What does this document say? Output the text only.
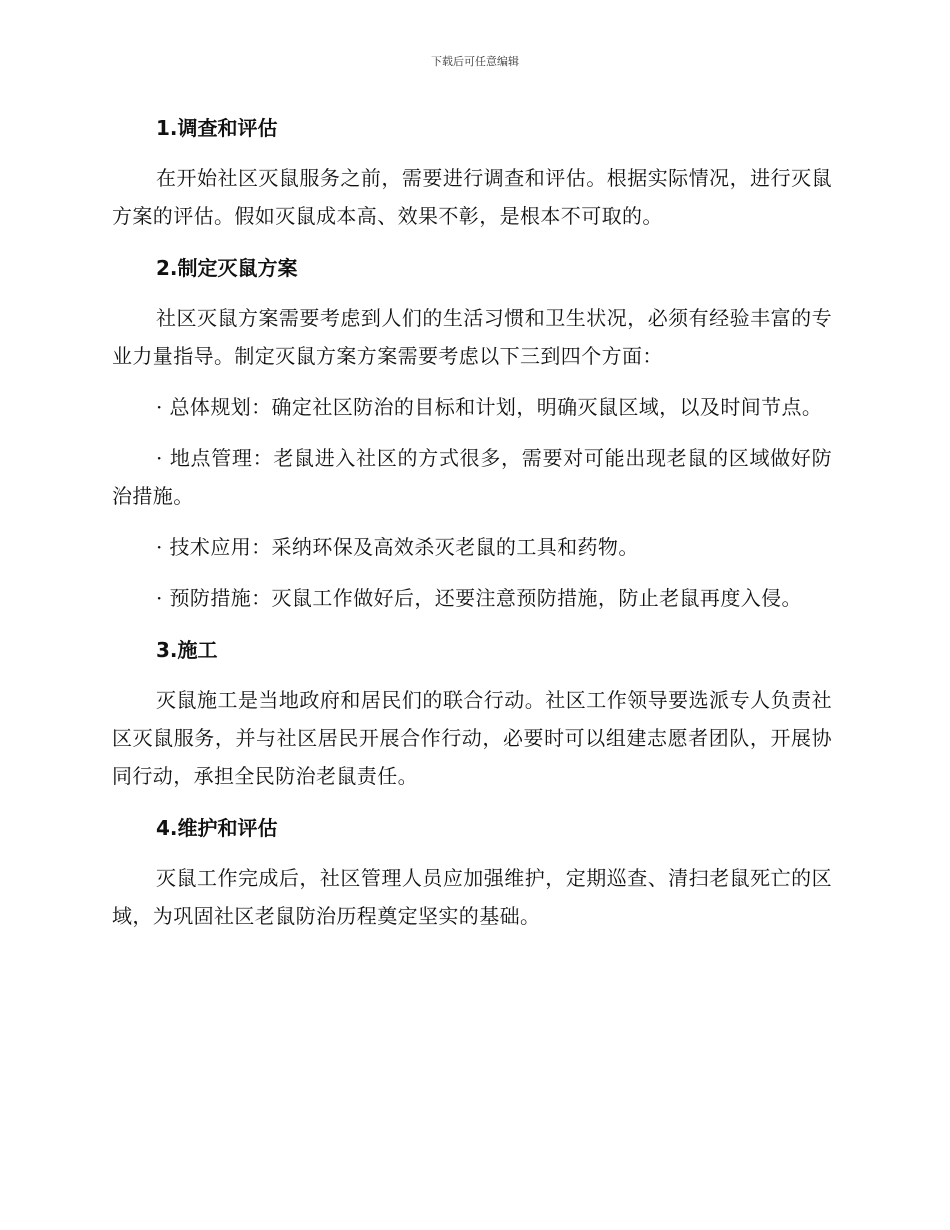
下载后可任意编辑
1.调查和评估

在开始社区灭鼠服务之前，需要进行调查和评估。根据实际情况，进行灭鼠方案的评估。假如灭鼠成本高、效果不彰，是根本不可取的。

2.制定灭鼠方案

社区灭鼠方案需要考虑到人们的生活习惯和卫生状况，必须有经验丰富的专业力量指导。制定灭鼠方案方案需要考虑以下三到四个方面：

· 总体规划：确定社区防治的目标和计划，明确灭鼠区域，以及时间节点。

· 地点管理：老鼠进入社区的方式很多，需要对可能出现老鼠的区域做好防治措施。

· 技术应用：采纳环保及高效杀灭老鼠的工具和药物。

· 预防措施：灭鼠工作做好后，还要注意预防措施，防止老鼠再度入侵。

3.施工

灭鼠施工是当地政府和居民们的联合行动。社区工作领导要选派专人负责社区灭鼠服务，并与社区居民开展合作行动，必要时可以组建志愿者团队，开展协同行动，承担全民防治老鼠责任。

4.维护和评估

灭鼠工作完成后，社区管理人员应加强维护，定期巡查、清扫老鼠死亡的区域，为巩固社区老鼠防治历程奠定坚实的基础。
